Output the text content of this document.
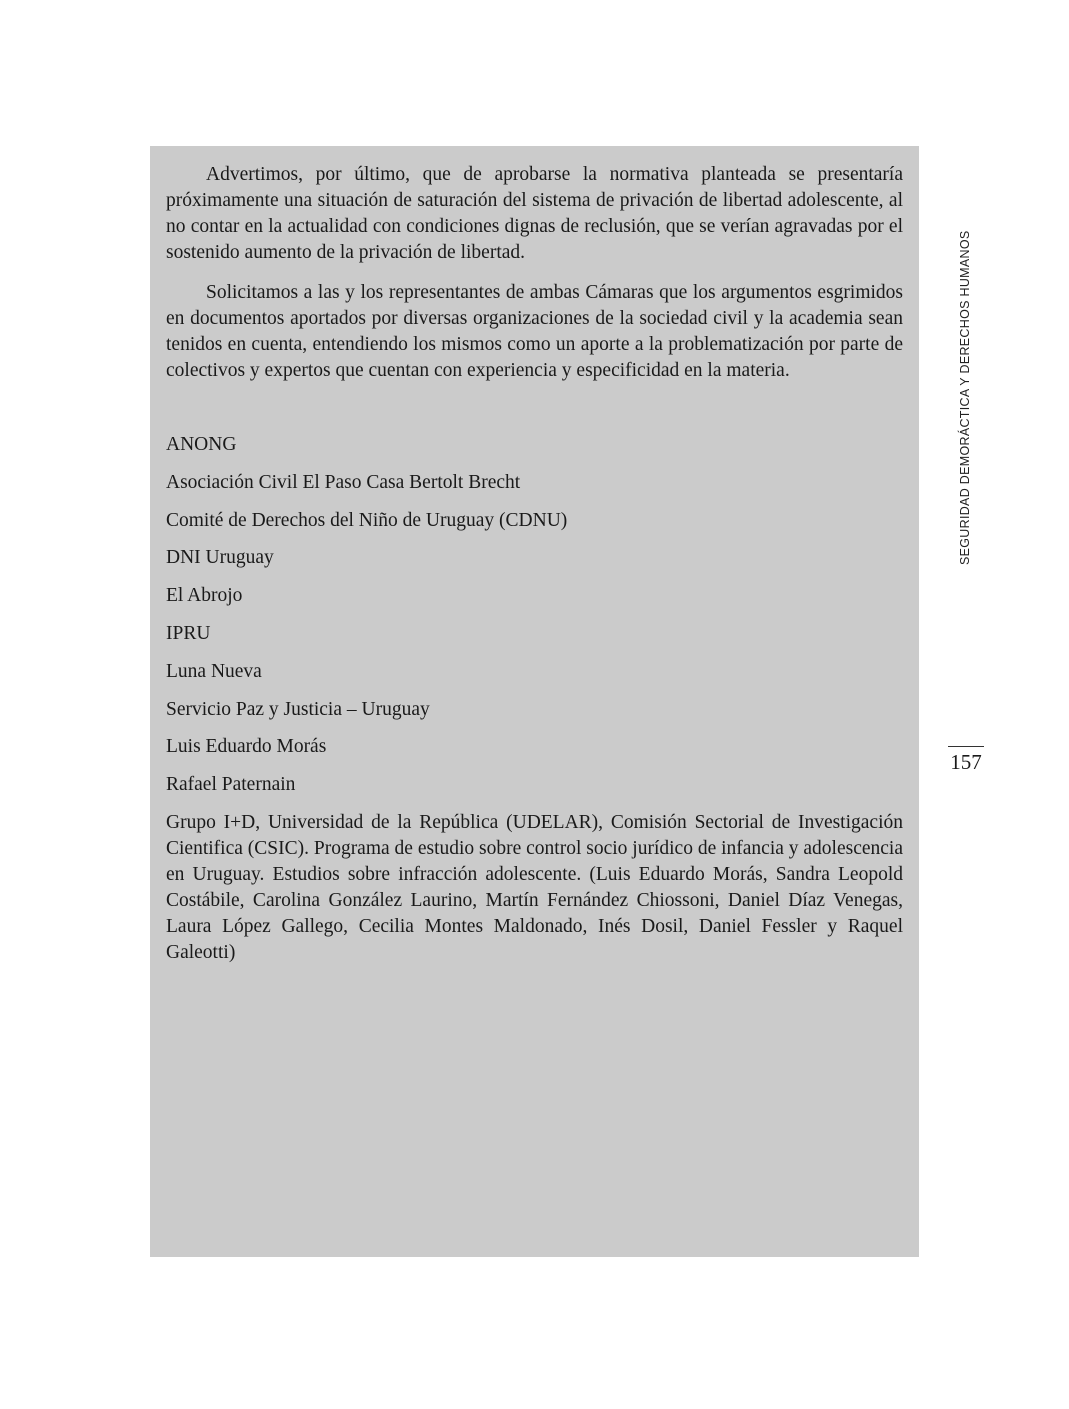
Advertimos, por último, que de aprobarse la normativa planteada se presentaría próximamente una situación de saturación del sistema de privación de libertad adolescente, al no contar en la actualidad con condiciones dignas de reclusión, que se verían agravadas por el sostenido aumento de la privación de libertad.

Solicitamos a las y los representantes de ambas Cámaras que los argumentos esgrimidos en documentos aportados por diversas organizaciones de la sociedad civil y la academia sean tenidos en cuenta, entendiendo los mismos como un aporte a la problematización por parte de colectivos y expertos que cuentan con experiencia y especificidad en la materia.

ANONG

Asociación Civil El Paso Casa Bertolt Brecht

Comité de Derechos del Niño de Uruguay (CDNU)

DNI Uruguay

El Abrojo

IPRU

Luna Nueva

Servicio Paz y Justicia – Uruguay

Luis Eduardo Morás

Rafael Paternain

Grupo I+D, Universidad de la República (UDELAR), Comisión Sectorial de Investigación Cientifica (CSIC). Programa de estudio sobre control socio jurídico de infancia y adolescencia en Uruguay. Estudios sobre infracción adolescente. (Luis Eduardo Morás, Sandra Leopold Costábile, Carolina González Laurino, Martín Fernández Chiossoni, Daniel Díaz Venegas, Laura López Gallego, Cecilia Montes Maldonado, Inés Dosil, Daniel Fessler y Raquel Galeotti)

SEGURIDAD DEMORÁCTICA Y DERECHOS HUMANOS
157
